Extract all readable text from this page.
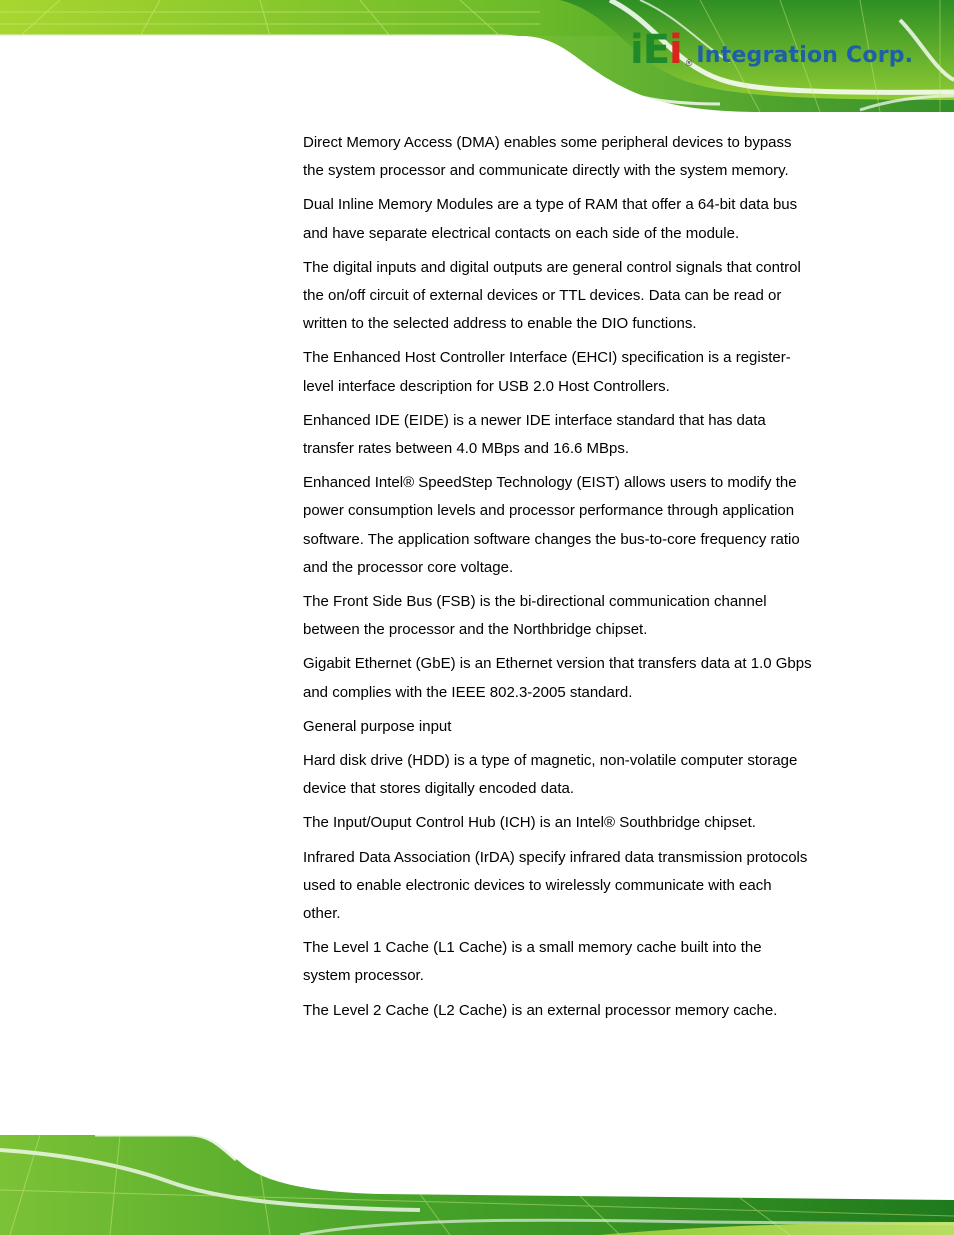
iEi ® Integration Corp.

Direct Memory Access (DMA) enables some peripheral devices to bypass the system processor and communicate directly with the system memory.

Dual Inline Memory Modules are a type of RAM that offer a 64-bit data bus and have separate electrical contacts on each side of the module.

The digital inputs and digital outputs are general control signals that control the on/off circuit of external devices or TTL devices. Data can be read or written to the selected address to enable the DIO functions.

The Enhanced Host Controller Interface (EHCI) specification is a register-level interface description for USB 2.0 Host Controllers.

Enhanced IDE (EIDE) is a newer IDE interface standard that has data transfer rates between 4.0 MBps and 16.6 MBps.

Enhanced Intel® SpeedStep Technology (EIST) allows users to modify the power consumption levels and processor performance through application software. The application software changes the bus-to-core frequency ratio and the processor core voltage.

The Front Side Bus (FSB) is the bi-directional communication channel between the processor and the Northbridge chipset.

Gigabit Ethernet (GbE) is an Ethernet version that transfers data at 1.0 Gbps and complies with the IEEE 802.3-2005 standard.

General purpose input

Hard disk drive (HDD) is a type of magnetic, non-volatile computer storage device that stores digitally encoded data.

The Input/Ouput Control Hub (ICH) is an Intel® Southbridge chipset.

Infrared Data Association (IrDA) specify infrared data transmission protocols used to enable electronic devices to wirelessly communicate with each other.

The Level 1 Cache (L1 Cache) is a small memory cache built into the system processor.

The Level 2 Cache (L2 Cache) is an external processor memory cache.
